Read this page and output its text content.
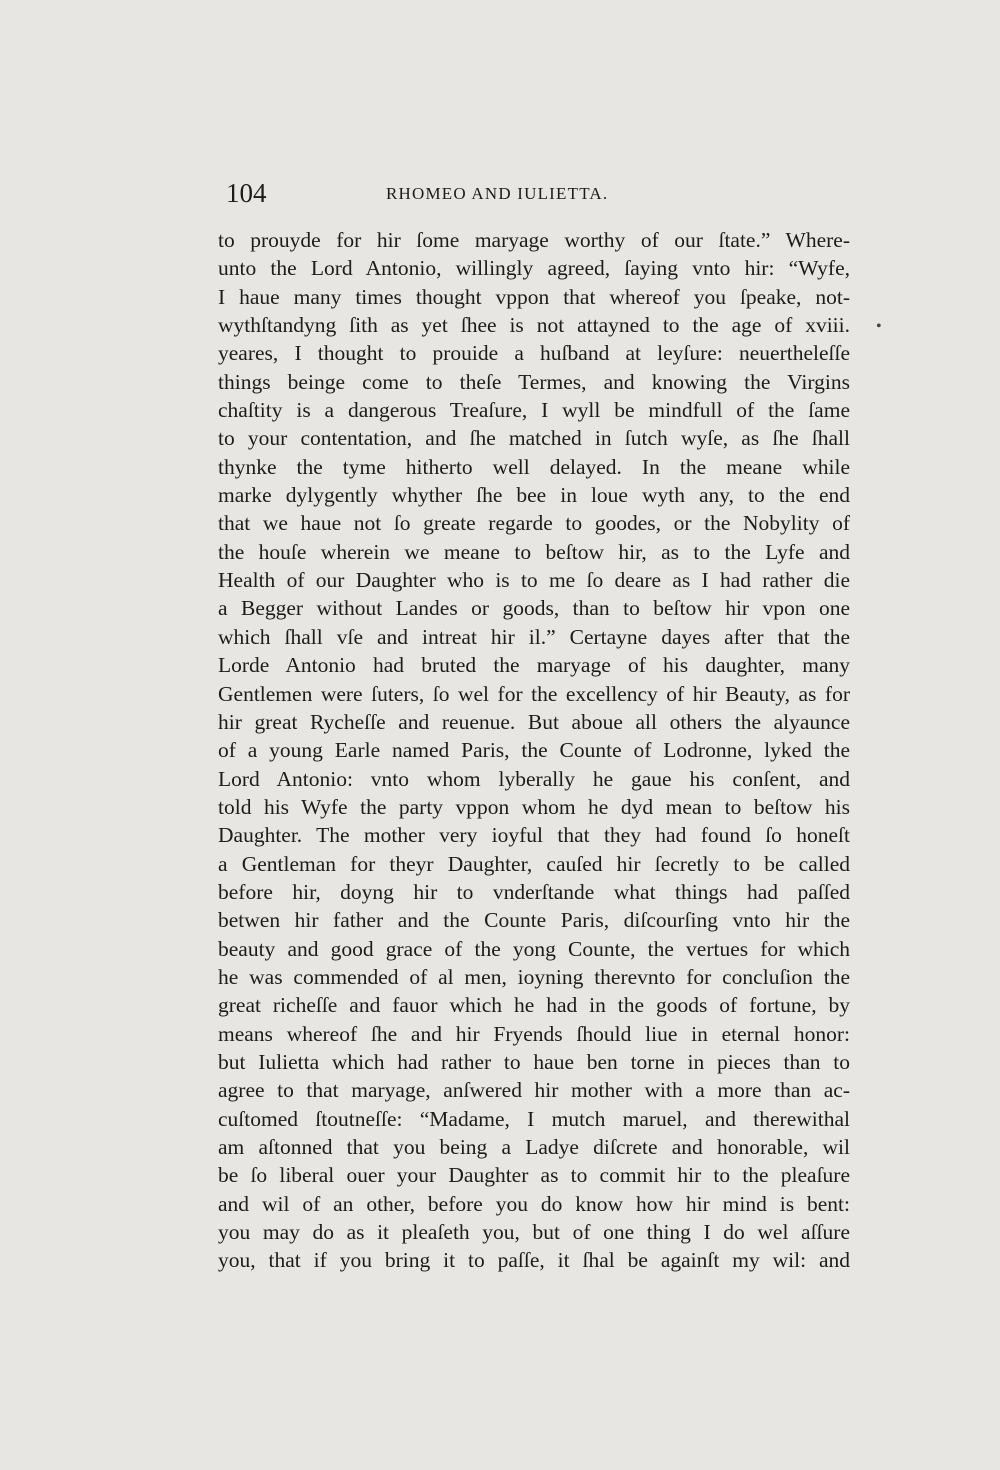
104	RHOMEO AND IULIETTA.
•
to prouyde for hir ſome maryage worthy of our ſtate.” Where-
unto the Lord Antonio, willingly agreed, ſaying vnto hir: “Wyfe,
I haue many times thought vppon that whereof you ſpeake, not-
wythſtandyng ſith as yet ſhee is not attayned to the age of xviii.
yeares, I thought to prouide a huſband at leyſure: neuertheleſſe
things beinge come to theſe Termes, and knowing the Virgins
chaſtity is a dangerous Treaſure, I wyll be mindfull of the ſame
to your contentation, and ſhe matched in ſutch wyſe, as ſhe ſhall
thynke the tyme hitherto well delayed. In the meane while
marke dylygently whyther ſhe bee in loue wyth any, to the end
that we haue not ſo greate regarde to goodes, or the Nobylity of
the houſe wherein we meane to beſtow hir, as to the Lyfe and
Health of our Daughter who is to me ſo deare as I had rather die
a Begger without Landes or goods, than to beſtow hir vpon one
which ſhall vſe and intreat hir il.” Certayne dayes after that the
Lorde Antonio had bruted the maryage of his daughter, many
Gentlemen were ſuters, ſo wel for the excellency of hir Beauty, as for
hir great Rycheſſe and reuenue. But aboue all others the alyaunce
of a young Earle named Paris, the Counte of Lodronne, lyked the
Lord Antonio: vnto whom lyberally he gaue his conſent, and
told his Wyfe the party vppon whom he dyd mean to beſtow his
Daughter. The mother very ioyful that they had found ſo honeſt
a Gentleman for theyr Daughter, cauſed hir ſecretly to be called
before hir, doyng hir to vnderſtande what things had paſſed
betwen hir father and the Counte Paris, diſcourſing vnto hir the
beauty and good grace of the yong Counte, the vertues for which
he was commended of al men, ioyning therevnto for concluſion the
great richeſſe and fauor which he had in the goods of fortune, by
means whereof ſhe and hir Fryends ſhould liue in eternal honor:
but Iulietta which had rather to haue ben torne in pieces than to
agree to that maryage, anſwered hir mother with a more than ac-
cuſtomed ſtoutneſſe: “Madame, I mutch maruel, and therewithal
am aſtonned that you being a Ladye diſcrete and honorable, wil
be ſo liberal ouer your Daughter as to commit hir to the pleaſure
and wil of an other, before you do know how hir mind is bent:
you may do as it pleaſeth you, but of one thing I do wel aſſure
you, that if you bring it to paſſe, it ſhal be againſt my wil: and
